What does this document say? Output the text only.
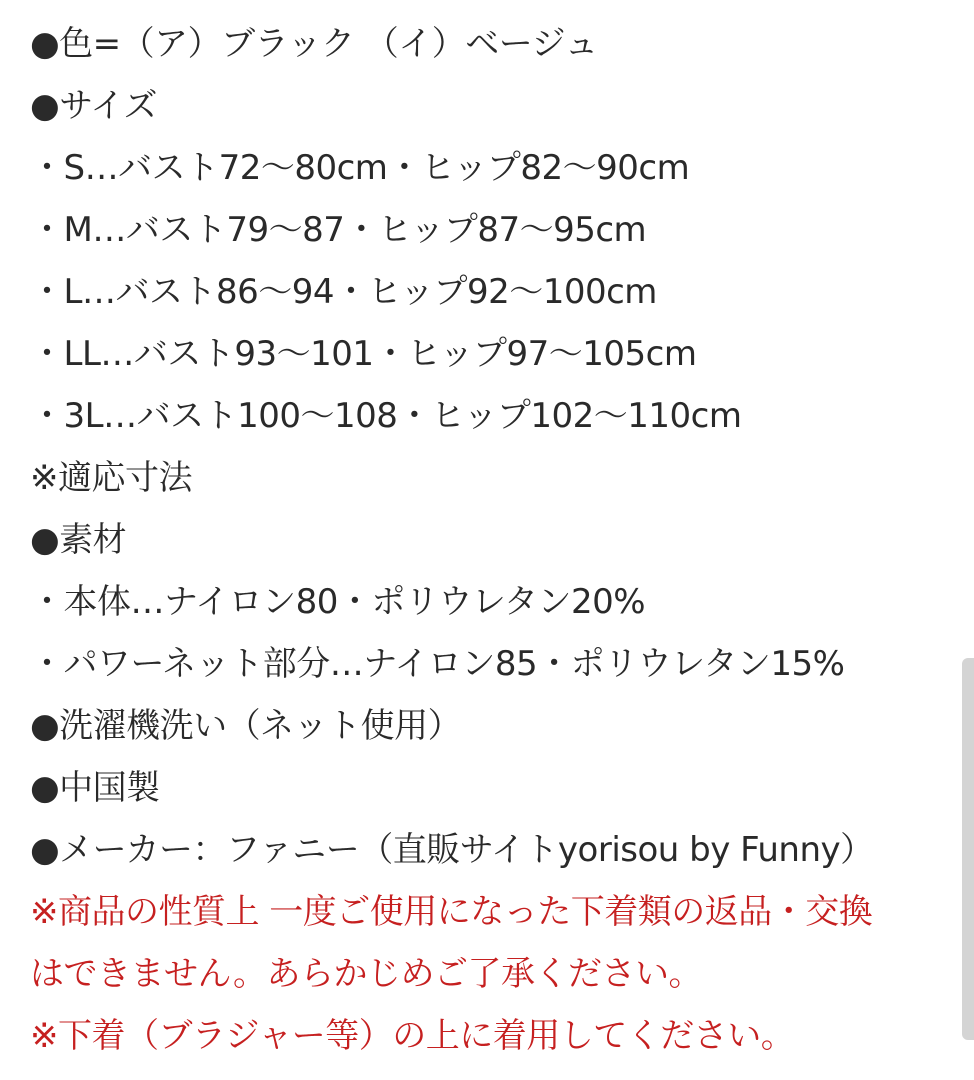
●色=（ア）ブラック （イ）ベージュ
●サイズ
・S…バスト72〜80cm・ヒップ82〜90cm
・M…バスト79〜87・ヒップ87〜95cm
・L…バスト86〜94・ヒップ92〜100cm
・LL…バスト93〜101・ヒップ97〜105cm
・3L…バスト100〜108・ヒップ102〜110cm
※適応寸法
●素材
・本体…ナイロン80・ポリウレタン20%
・パワーネット部分…ナイロン85・ポリウレタン15%
●洗濯機洗い（ネット使用）
●中国製
●メーカー：ファニー（直販サイトyorisou by Funny）
※商品の性質上 一度ご使用になった下着類の返品・交換
はできません。あらかじめご了承ください。
※下着（ブラジャー等）の上に着用してください。
